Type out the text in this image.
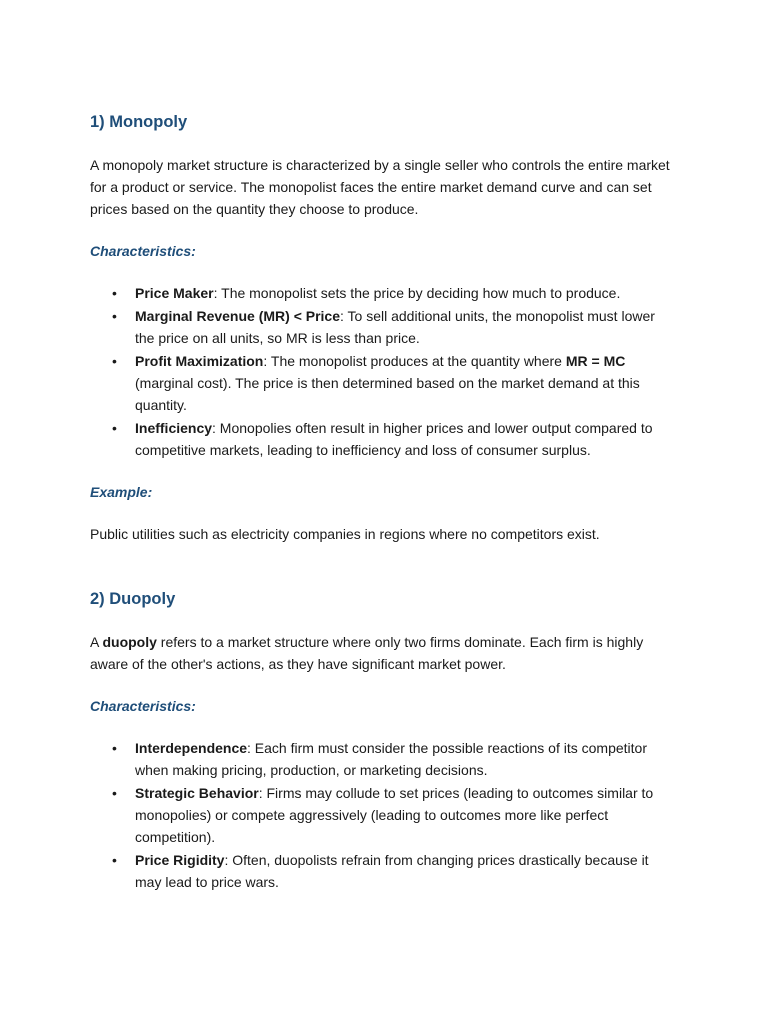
1) Monopoly

A monopoly market structure is characterized by a single seller who controls the entire market for a product or service. The monopolist faces the entire market demand curve and can set prices based on the quantity they choose to produce.

Characteristics:

• Price Maker: The monopolist sets the price by deciding how much to produce.
• Marginal Revenue (MR) < Price: To sell additional units, the monopolist must lower the price on all units, so MR is less than price.
• Profit Maximization: The monopolist produces at the quantity where MR = MC (marginal cost). The price is then determined based on the market demand at this quantity.
• Inefficiency: Monopolies often result in higher prices and lower output compared to competitive markets, leading to inefficiency and loss of consumer surplus.

Example:

Public utilities such as electricity companies in regions where no competitors exist.

2) Duopoly

A duopoly refers to a market structure where only two firms dominate. Each firm is highly aware of the other's actions, as they have significant market power.

Characteristics:

• Interdependence: Each firm must consider the possible reactions of its competitor when making pricing, production, or marketing decisions.
• Strategic Behavior: Firms may collude to set prices (leading to outcomes similar to monopolies) or compete aggressively (leading to outcomes more like perfect competition).
• Price Rigidity: Often, duopolists refrain from changing prices drastically because it may lead to price wars.
